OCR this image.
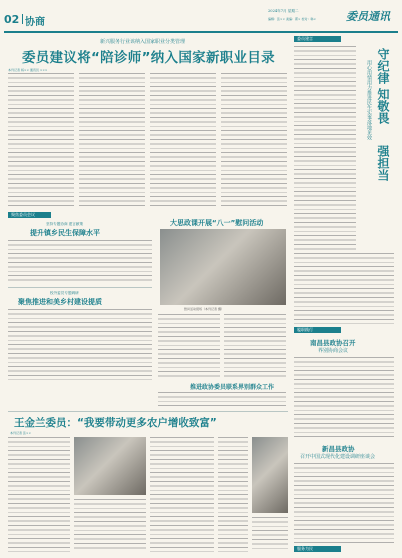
02 协商
2024年7月 星期二
编辑：张×× 美编：郭× 校对：韩×	委员通讯
新兴服务行业该纳入国家职业分类管理
委员建议将“陪诊师”纳入国家新职业目录
本刊记者 杨×× 通讯员 ×××
委员建言
守纪律 知敬畏
强担当
用心用情用力推进民生实事落地见效
履职践行
南昌县政协召开
界别协商会议
新昌县政协
召开中国式现代化建设调研座谈会
服务为民
聚焦委员会议
坚持专题协商 建言献策
提升镇乡民生保障水平
校外委员专题调研
聚焦推进和美乡村建设提质
大思政课开展“八一”慰问活动
慰问活动现场（本刊记者 摄）
推进政协委员联系界别群众工作
王金兰委员：“我要带动更多农户增收致富”
本刊记者 张××
